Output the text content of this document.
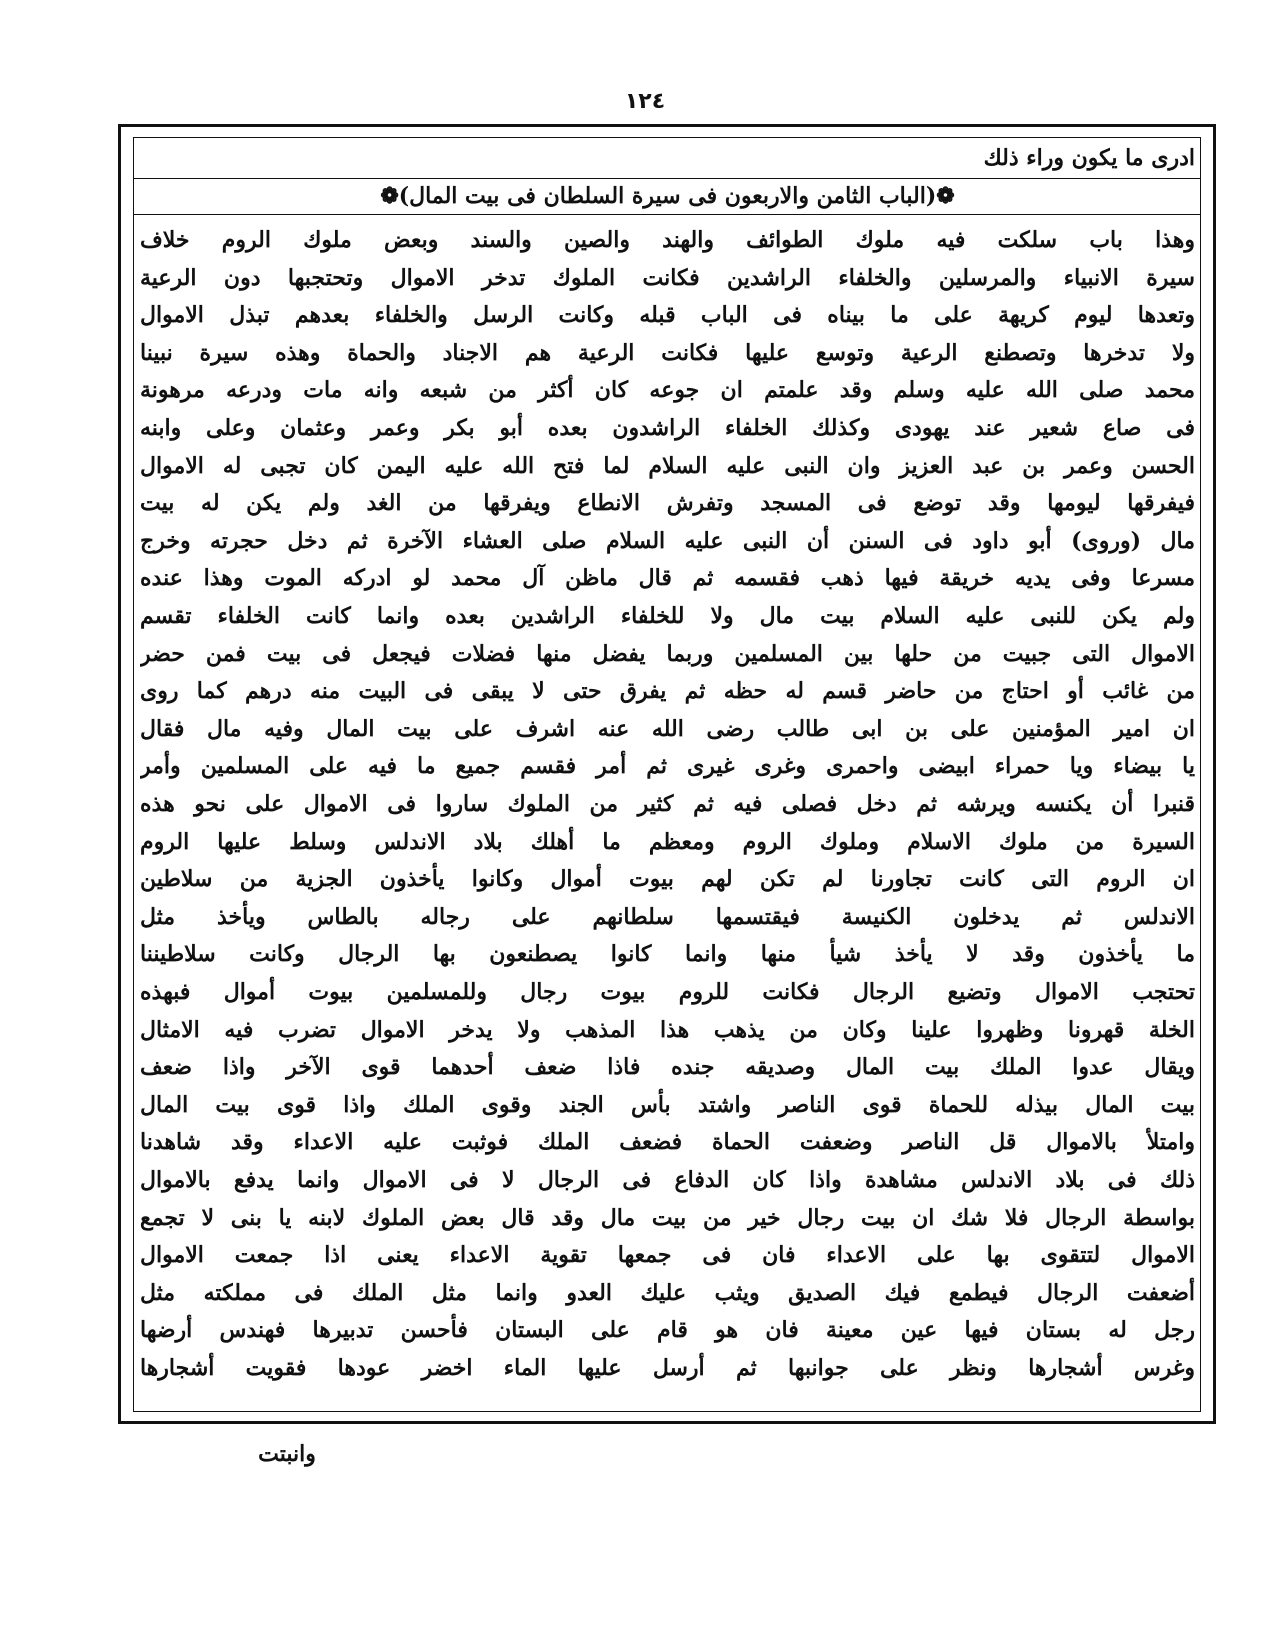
١٢٤
ادرى ما يكون وراء ذلك
❁(الباب الثامن والاربعون فى سيرة السلطان فى بيت المال)❁
وهذا باب سلكت فيه ملوك الطوائف والهند والصين والسند وبعض ملوك الروم خلاف
سيرة الانبياء والمرسلين والخلفاء الراشدين فكانت الملوك تدخر الاموال وتحتجبها دون الرعية
وتعدها ليوم كريهة على ما بيناه فى الباب قبله وكانت الرسل والخلفاء بعدهم تبذل الاموال
ولا تدخرها وتصطنع الرعية وتوسع عليها فكانت الرعية هم الاجناد والحماة وهذه سيرة نبينا
محمد صلى الله عليه وسلم وقد علمتم ان جوعه كان أكثر من شبعه وانه مات ودرعه مرهونة
فى صاع شعير عند يهودى وكذلك الخلفاء الراشدون بعده أبو بكر وعمر وعثمان وعلى وابنه
الحسن وعمر بن عبد العزيز وان النبى عليه السلام لما فتح الله عليه اليمن كان تجبى له الاموال
فيفرقها ليومها وقد توضع فى المسجد وتفرش الانطاع ويفرقها من الغد ولم يكن له بيت
مال (وروى) أبو داود فى السنن أن النبى عليه السلام صلى العشاء الآخرة ثم دخل حجرته وخرج
مسرعا وفى يديه خريقة فيها ذهب فقسمه ثم قال ماظن آل محمد لو ادركه الموت وهذا عنده
ولم يكن للنبى عليه السلام بيت مال ولا للخلفاء الراشدين بعده وانما كانت الخلفاء تقسم
الاموال التى جبيت من حلها بين المسلمين وربما يفضل منها فضلات فيجعل فى بيت فمن حضر
من غائب أو احتاج من حاضر قسم له حظه ثم يفرق حتى لا يبقى فى البيت منه درهم كما روى
ان امير المؤمنين على بن ابى طالب رضى الله عنه اشرف على بيت المال وفيه مال فقال
يا بيضاء ويا حمراء ابيضى واحمرى وغرى غيرى ثم أمر فقسم جميع ما فيه على المسلمين وأمر
قنبرا أن يكنسه ويرشه ثم دخل فصلى فيه ثم كثير من الملوك ساروا فى الاموال على نحو هذه
السيرة من ملوك الاسلام وملوك الروم ومعظم ما أهلك بلاد الاندلس وسلط عليها الروم
ان الروم التى كانت تجاورنا لم تكن لهم بيوت أموال وكانوا يأخذون الجزية من سلاطين
الاندلس ثم يدخلون الكنيسة فيقتسمها سلطانهم على رجاله بالطاس ويأخذ مثل
ما يأخذون وقد لا يأخذ شيأ منها وانما كانوا يصطنعون بها الرجال وكانت سلاطيننا
تحتجب الاموال وتضيع الرجال فكانت للروم بيوت رجال وللمسلمين بيوت أموال فبهذه
الخلة قهرونا وظهروا علينا وكان من يذهب هذا المذهب ولا يدخر الاموال تضرب فيه الامثال
ويقال عدوا الملك بيت المال وصديقه جنده فاذا ضعف أحدهما قوى الآخر واذا ضعف
بيت المال بيذله للحماة قوى الناصر واشتد بأس الجند وقوى الملك واذا قوى بيت المال
وامتلأ بالاموال قل الناصر وضعفت الحماة فضعف الملك فوثبت عليه الاعداء وقد شاهدنا
ذلك فى بلاد الاندلس مشاهدة واذا كان الدفاع فى الرجال لا فى الاموال وانما يدفع بالاموال
بواسطة الرجال فلا شك ان بيت رجال خير من بيت مال وقد قال بعض الملوك لابنه يا بنى لا تجمع
الاموال لتتقوى بها على الاعداء فان فى جمعها تقوية الاعداء يعنى اذا جمعت الاموال
أضعفت الرجال فيطمع فيك الصديق ويثب عليك العدو وانما مثل الملك فى مملكته مثل
رجل له بستان فيها عين معينة فان هو قام على البستان فأحسن تدبيرها فهندس أرضها
وغرس أشجارها ونظر على جوانبها ثم أرسل عليها الماء اخضر عودها فقويت أشجارها
وانبتت
